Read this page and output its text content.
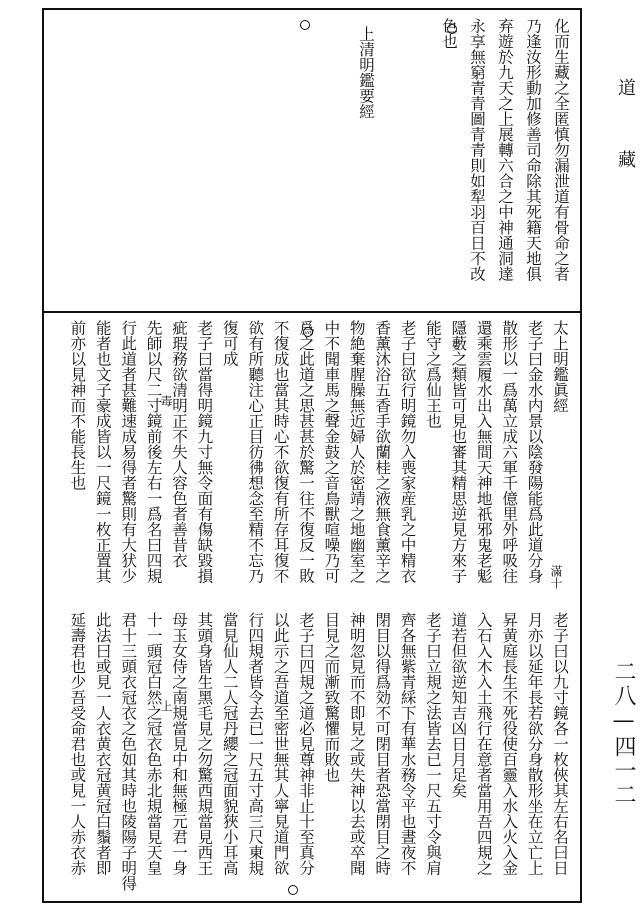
道
藏
二八—四一二
化而生藏之全匿慎勿漏泄道有骨命之者
乃逢汝形動加修善司命除其死籍天地俱
弃遊於九天之上展轉六合之中神通洞達
永享無窮青青圖青青則如犁羽百日不改
色也
上清明鑑要經
太上明鑑眞經
老子曰金水内景以陰發陽能爲此道分身
散形以一爲萬立成六軍千億里外呼吸往
還乘雲履水出入無間天神地祇邪鬼老鬽
隱藪之類皆可見也審其精思逆見方來子
能守之爲仙王也
老子曰欲行明鏡勿入喪家産乳之中精衣
香薰沐浴五香手欲蘭桂之液無食薰辛之
物絶棄腥臊無近婦人於密靖之地幽室之
中不聞車馬之聲金鼓之音鳥獸喧噪乃可
爲之此道之思甚甚於驚一往不復反一敗
不復成也當其時心不欲復有所存耳復不
欲有所聽注心正目彷彿想念至精不忘乃
復可成
老子曰當得明鏡九寸無令面有傷缺毀損
疵瑕務欲清明正不失人容色者善昔衣
先師以尺二寸鏡前後左右一爲名曰四規
行此道者甚難速成易得者驚則有大犾少
能者也文子豪成皆以一尺鏡一枚正置其
前亦以見神而不能長生也
老子曰以九寸鏡各一枚俠其左右名曰日
月亦以延年長若欲分身散形坐在立亡上
昇黄庭長生不死役使百靈入水入火入金
入石入木入土飛行在意者當用吾四規之
道若但欲逆知吉凶日月足矣
老子曰立規之法皆去已一尺五寸令與肩
齊各無紫青綵下有華水務令平也晝夜不
閉目以得爲効不可閉目者恐當閉目之時
神明忽見而不即見之或失神以去或卒聞
目見之而漸致驚懼而敗也
老子曰四規之道必見尊神非止十至真分
以此示之吾道至密世無其人寧見道門欲
行四規者皆令去已一尺五寸高三尺東規
當見仙人二人冠丹纓之冠面貌狹小耳高
其頭身皆生黑毛見之勿驚西規當見西王
母玉女侍之南規當見中和無極元君一身
十一頭冠白然之冠衣色赤北規當見天皇
君十三頭衣冠衣之色如其時也陵陽子明得
此法曰或見一人衣黄衣冠黄冠白鬚者即
延壽君也少吾受命君也或見一人赤衣赤
滿十
毒
上
